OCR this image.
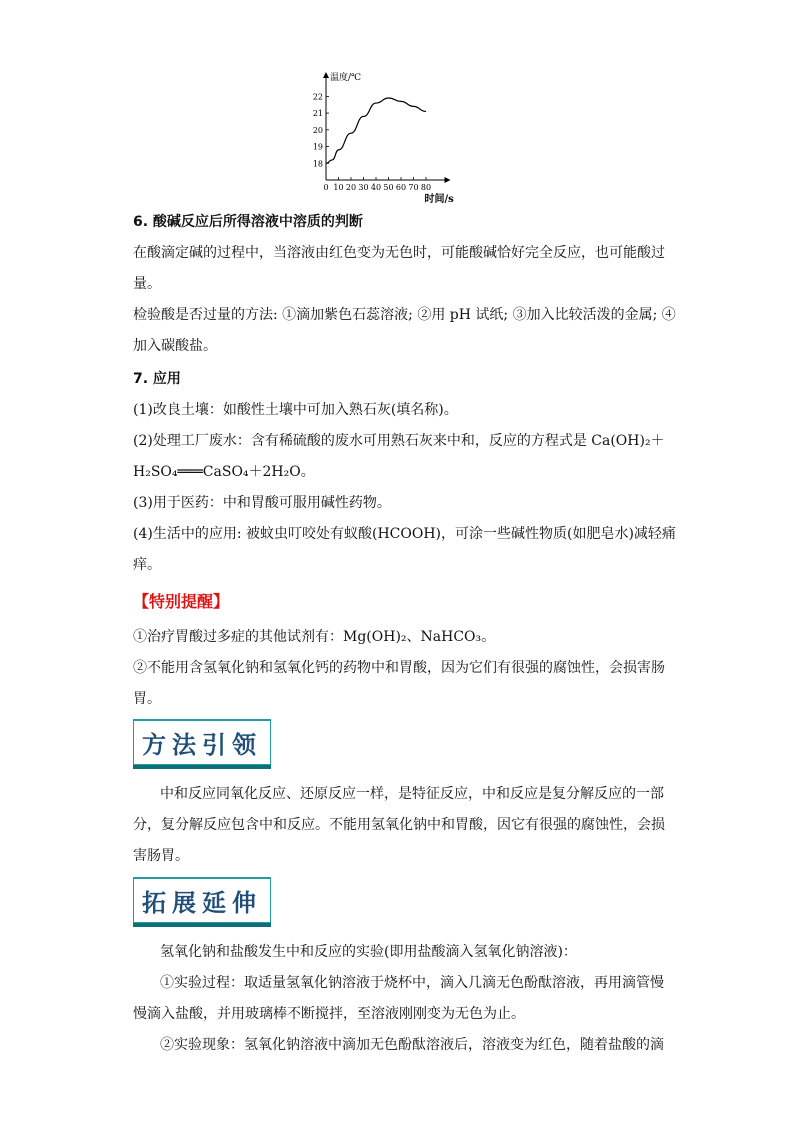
18
19
20
21
22
0 10 20 30 40 50 60 70 80
温度/℃
时间/s
6. 酸碱反应后所得溶液中溶质的判断
在酸滴定碱的过程中，当溶液由红色变为无色时，可能酸碱恰好完全反应，也可能酸过
量。
检验酸是否过量的方法: ①滴加紫色石蕊溶液; ②用 pH 试纸; ③加入比较活泼的金属; ④
加入碳酸盐。
7. 应用
(1)改良土壤：如酸性土壤中可加入熟石灰(填名称)。
(2)处理工厂废水：含有稀硫酸的废水可用熟石灰来中和，反应的方程式是 Ca(OH)₂＋
H₂SO₄═══CaSO₄＋2H₂O。
(3)用于医药：中和胃酸可服用碱性药物。
(4)生活中的应用: 被蚊虫叮咬处有蚁酸(HCOOH)，可涂一些碱性物质(如肥皂水)减轻痛
痒。
【特别提醒】
①治疗胃酸过多症的其他试剂有：Mg(OH)₂、NaHCO₃。
②不能用含氢氧化钠和氢氧化钙的药物中和胃酸，因为它们有很强的腐蚀性，会损害肠
胃。
方法引领
中和反应同氧化反应、还原反应一样，是特征反应，中和反应是复分解反应的一部
分，复分解反应包含中和反应。不能用氢氧化钠中和胃酸，因它有很强的腐蚀性，会损
害肠胃。
拓展延伸
氢氧化钠和盐酸发生中和反应的实验(即用盐酸滴入氢氧化钠溶液)：
①实验过程：取适量氢氧化钠溶液于烧杯中，滴入几滴无色酚酞溶液，再用滴管慢
慢滴入盐酸，并用玻璃棒不断搅拌，至溶液刚刚变为无色为止。
②实验现象：氢氧化钠溶液中滴加无色酚酞溶液后，溶液变为红色，随着盐酸的滴
